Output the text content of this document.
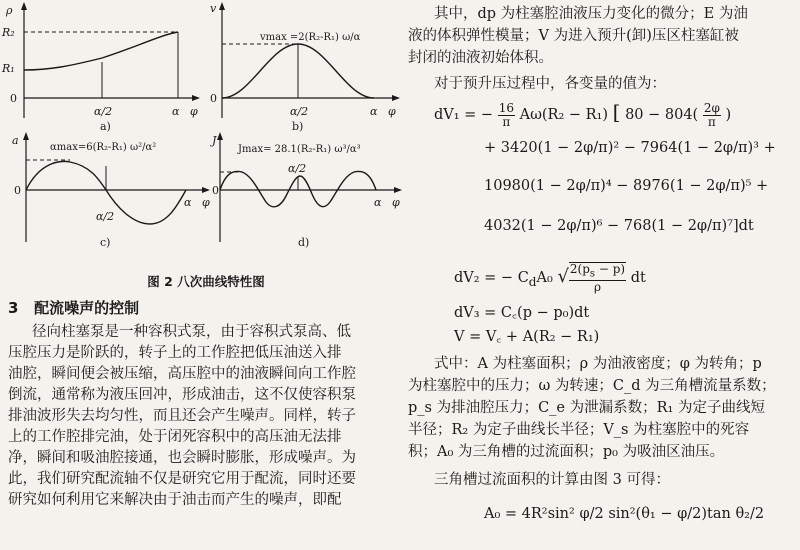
ρ
R₂
R₁
0
α/2	α φ
a)
v
vmax =2(R₂-R₁) ω/α
0
α/2	α φ
b)
a
αmax=6(R₂-R₁) ω²/α²
0
α/2
α φ
c)
J
Jmax= 28.1(R₂-R₁) ω³/α³
0
α/2
α φ
d)
图 2 八次曲线特性图
3 配流噪声的控制
径向柱塞泵是一种容积式泵，由于容积式泵高、低
压腔压力是阶跃的，转子上的工作腔把低压油送入排
油腔，瞬间便会被压缩，高压腔中的油液瞬间向工作腔
倒流，通常称为液压回冲，形成油击，这不仅使容积泵
排油波形失去均匀性，而且还会产生噪声。同样，转子
上的工作腔排完油，处于闭死容积中的高压油无法排
净，瞬间和吸油腔接通，也会瞬时膨胀，形成噪声。为
此，我们研究配流轴不仅是研究它用于配流，同时还要
研究如何利用它来解决由于油击而产生的噪声，即配
其中，dp 为柱塞腔油液压力变化的微分；E 为油
液的体积弹性模量；V 为进入预升(卸)压区柱塞缸被
封闭的油液初始体积。
对于预升压过程中，各变量的值为：
dV₁ = − $\frac{16}{\pi} A\omega(R_2 - R_1)$ [ $80 - 804( \frac{2\varphi}{\pi}$ )
+ 3420(1 − 2φ/π)² − 7964(1 − 2φ/π)³ +
10980(1 − 2φ/π)⁴ − 8976(1 − 2φ/π)⁵ +
4032(1 − 2φ/π)⁶ − 768(1 − 2φ/π)⁷]dt
dV₂ = − $C_dA_0$ √ $\frac{2(p_s - p)}{\rho}$ dt
dV₃ = C꜀(p − p₀)dt
V = V꜀ + A(R₂ − R₁)
式中：A 为柱塞面积；ρ 为油液密度；φ 为转角；p
为柱塞腔中的压力；ω 为转速；C_d 为三角槽流量系数；
p_s 为排油腔压力；C_e 为泄漏系数；R₁ 为定子曲线短
半径；R₂ 为定子曲线长半径；V_s 为柱塞腔中的死容
积；A₀ 为三角槽的过流面积；p₀ 为吸油区油压。
三角槽过流面积的计算由图 3 可得：
A₀ = 4R²sin² φ/2 sin²(θ₁ − φ/2)tan θ₂/2
